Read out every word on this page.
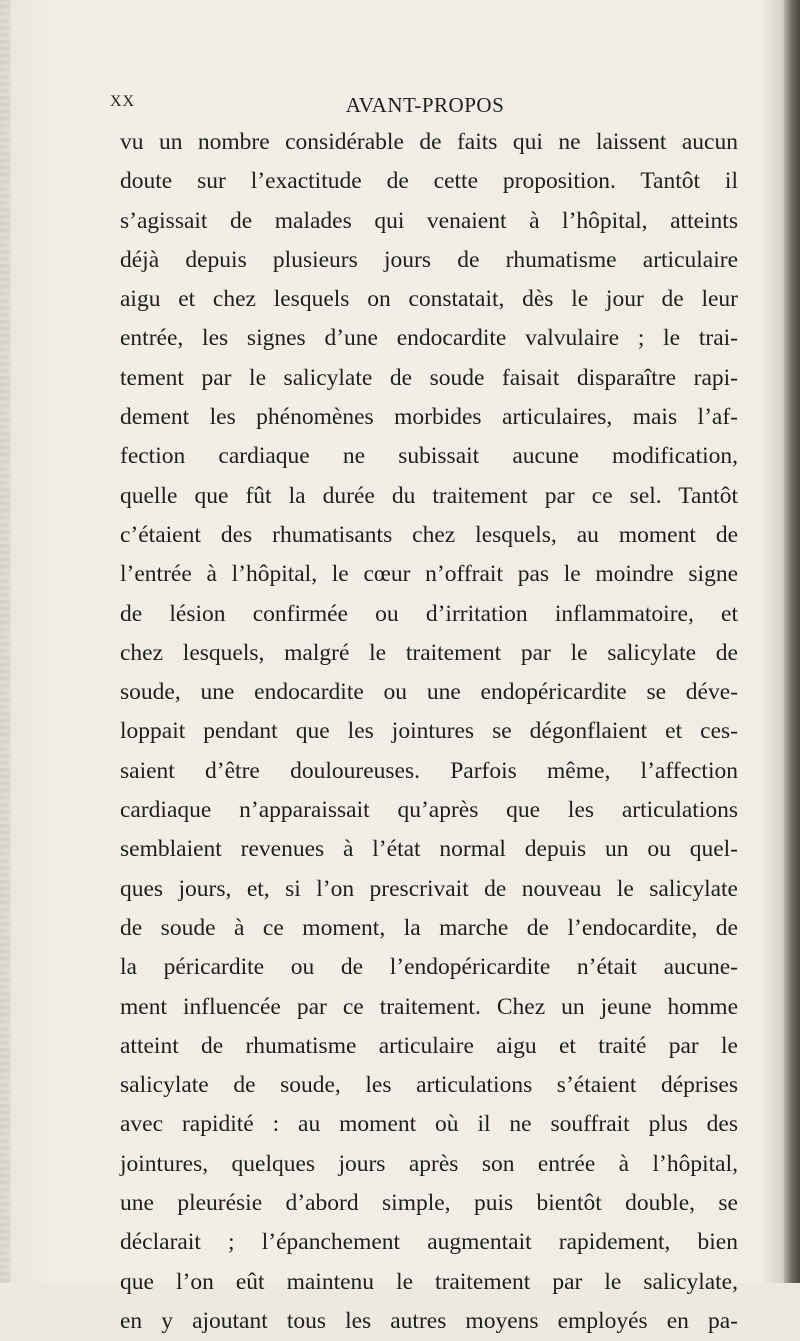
XX	AVANT-PROPOS
vu un nombre considérable de faits qui ne laissent aucun
doute sur l’exactitude de cette proposition. Tantôt il
s’agissait de malades qui venaient à l’hôpital, atteints
déjà depuis plusieurs jours de rhumatisme articulaire
aigu et chez lesquels on constatait, dès le jour de leur
entrée, les signes d’une endocardite valvulaire ; le trai-
tement par le salicylate de soude faisait disparaître rapi-
dement les phénomènes morbides articulaires, mais l’af-
fection cardiaque ne subissait aucune modification,
quelle que fût la durée du traitement par ce sel. Tantôt
c’étaient des rhumatisants chez lesquels, au moment de
l’entrée à l’hôpital, le cœur n’offrait pas le moindre signe
de lésion confirmée ou d’irritation inflammatoire, et
chez lesquels, malgré le traitement par le salicylate de
soude, une endocardite ou une endopéricardite se déve-
loppait pendant que les jointures se dégonflaient et ces-
saient d’être douloureuses. Parfois même, l’affection
cardiaque n’apparaissait qu’après que les articulations
semblaient revenues à l’état normal depuis un ou quel-
ques jours, et, si l’on prescrivait de nouveau le salicylate
de soude à ce moment, la marche de l’endocardite, de
la péricardite ou de l’endopéricardite n’était aucune-
ment influencée par ce traitement. Chez un jeune homme
atteint de rhumatisme articulaire aigu et traité par le
salicylate de soude, les articulations s’étaient déprises
avec rapidité : au moment où il ne souffrait plus des
jointures, quelques jours après son entrée à l’hôpital,
une pleurésie d’abord simple, puis bientôt double, se
déclarait ; l’épanchement augmentait rapidement, bien
que l’on eût maintenu le traitement par le salicylate,
en y ajoutant tous les autres moyens employés en pa-
